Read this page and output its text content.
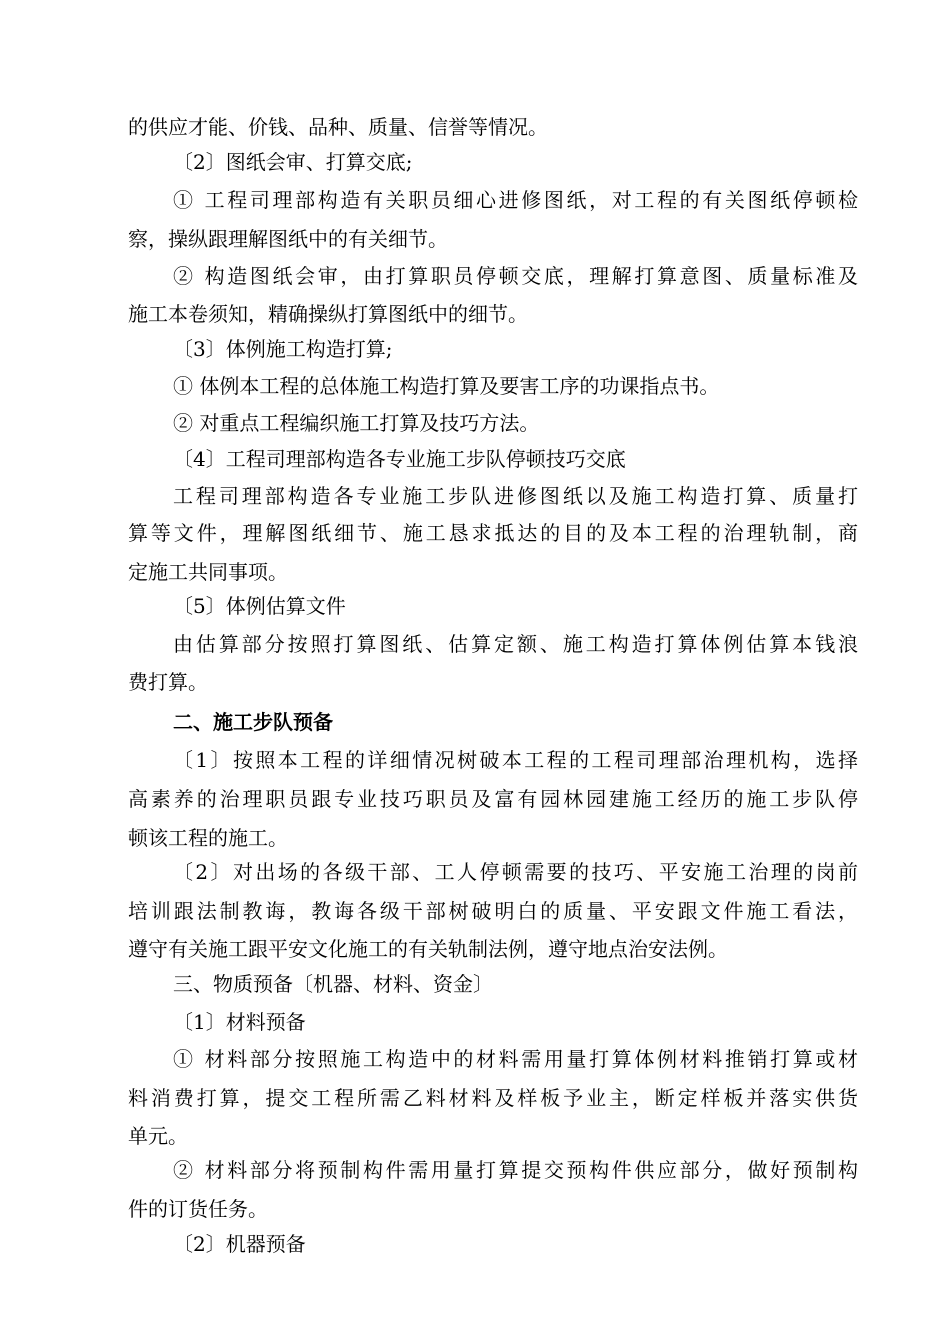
的供应才能、价钱、品种、质量、信誉等情况。
〔2〕图纸会审、打算交底;
① 工程司理部构造有关职员细心进修图纸，对工程的有关图纸停顿检
察，操纵跟理解图纸中的有关细节。
② 构造图纸会审，由打算职员停顿交底，理解打算意图、质量标准及
施工本卷须知，精确操纵打算图纸中的细节。
〔3〕体例施工构造打算;
① 体例本工程的总体施工构造打算及要害工序的功课指点书。
② 对重点工程编织施工打算及技巧方法。
〔4〕工程司理部构造各专业施工步队停顿技巧交底
工程司理部构造各专业施工步队进修图纸以及施工构造打算、质量打
算等文件，理解图纸细节、施工恳求抵达的目的及本工程的治理轨制，商
定施工共同事项。
〔5〕体例估算文件
由估算部分按照打算图纸、估算定额、施工构造打算体例估算本钱浪
费打算。
二、施工步队预备
〔1〕按照本工程的详细情况树破本工程的工程司理部治理机构，选择
高素养的治理职员跟专业技巧职员及富有园林园建施工经历的施工步队停
顿该工程的施工。
〔2〕对出场的各级干部、工人停顿需要的技巧、平安施工治理的岗前
培训跟法制教诲，教诲各级干部树破明白的质量、平安跟文件施工看法，
遵守有关施工跟平安文化施工的有关轨制法例，遵守地点治安法例。
三、物质预备〔机器、材料、资金〕
〔1〕材料预备
① 材料部分按照施工构造中的材料需用量打算体例材料推销打算或材
料消费打算，提交工程所需乙料材料及样板予业主，断定样板并落实供货
单元。
② 材料部分将预制构件需用量打算提交预构件供应部分，做好预制构
件的订货任务。
〔2〕机器预备
